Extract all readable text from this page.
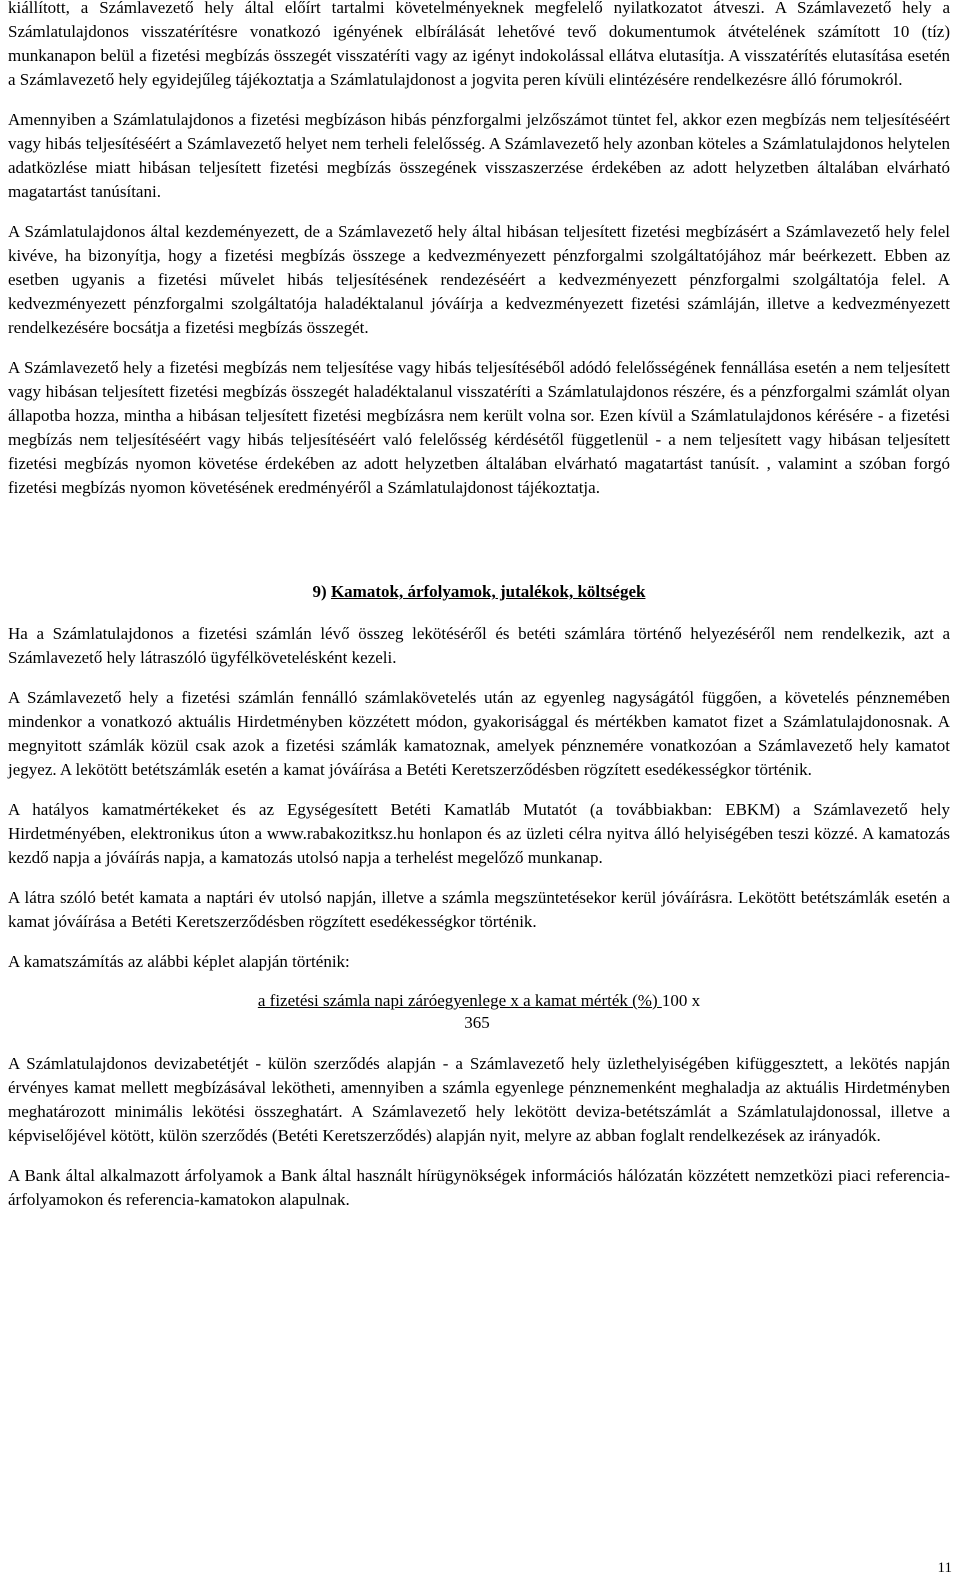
kiállított, a Számlavezető hely által előírt tartalmi követelményeknek megfelelő nyilatkozatot átveszi. A Számlavezető hely a Számlatulajdonos visszatérítésre vonatkozó igényének elbírálását lehetővé tevő dokumentumok átvételének számított 10 (tíz) munkanapon belül a fizetési megbízás összegét visszatéríti vagy az igényt indokolással ellátva elutasítja. A visszatérítés elutasítása esetén a Számlavezető hely egyidejűleg tájékoztatja a Számlatulajdonost a jogvita peren kívüli elintézésére rendelkezésre álló fórumokról.

Amennyiben a Számlatulajdonos a fizetési megbízáson hibás pénzforgalmi jelzőszámot tüntet fel, akkor ezen megbízás nem teljesítéséért vagy hibás teljesítéséért a Számlavezető helyet nem terheli felelősség. A Számlavezető hely azonban köteles a Számlatulajdonos helytelen adatközlése miatt hibásan teljesített fizetési megbízás összegének visszaszerzése érdekében az adott helyzetben általában elvárható magatartást tanúsítani.

A Számlatulajdonos által kezdeményezett, de a Számlavezető hely által hibásan teljesített fizetési megbízásért a Számlavezető hely felel kivéve, ha bizonyítja, hogy a fizetési megbízás összege a kedvezményezett pénzforgalmi szolgáltatójához már beérkezett. Ebben az esetben ugyanis a fizetési művelet hibás teljesítésének rendezéséért a kedvezményezett pénzforgalmi szolgáltatója felel. A kedvezményezett pénzforgalmi szolgáltatója haladéktalanul jóváírja a kedvezményezett fizetési számláján, illetve a kedvezményezett rendelkezésére bocsátja a fizetési megbízás összegét.

A Számlavezető hely a fizetési megbízás nem teljesítése vagy hibás teljesítéséből adódó felelősségének fennállása esetén a nem teljesített vagy hibásan teljesített fizetési megbízás összegét haladéktalanul visszatéríti a Számlatulajdonos részére, és a pénzforgalmi számlát olyan állapotba hozza, mintha a hibásan teljesített fizetési megbízásra nem került volna sor. Ezen kívül a Számlatulajdonos kérésére - a fizetési megbízás nem teljesítéséért vagy hibás teljesítéséért való felelősség kérdésétől függetlenül - a nem teljesített vagy hibásan teljesített fizetési megbízás nyomon követése érdekében az adott helyzetben általában elvárható magatartást tanúsít. , valamint a szóban forgó fizetési megbízás nyomon követésének eredményéről a Számlatulajdonost tájékoztatja.

9) Kamatok, árfolyamok, jutalékok, költségek

Ha a Számlatulajdonos a fizetési számlán lévő összeg lekötéséről és betéti számlára történő helyezéséről nem rendelkezik, azt a Számlavezető hely látraszóló ügyfélkövetelésként kezeli.

A Számlavezető hely a fizetési számlán fennálló számlakövetelés után az egyenleg nagyságától függően, a követelés pénznemében mindenkor a vonatkozó aktuális Hirdetményben közzétett módon, gyakorisággal és mértékben kamatot fizet a Számlatulajdonosnak. A megnyitott számlák közül csak azok a fizetési számlák kamatoznak, amelyek pénznemére vonatkozóan a Számlavezető hely kamatot jegyez. A lekötött betétszámlák esetén a kamat jóváírása a Betéti Keretszerződésben rögzített esedékességkor történik.

A hatályos kamatmértékeket és az Egységesített Betéti Kamatláb Mutatót (a továbbiakban: EBKM) a Számlavezető hely Hirdetményében, elektronikus úton a www.rabakozitksz.hu honlapon és az üzleti célra nyitva álló helyiségében teszi közzé. A kamatozás kezdő napja a jóváírás napja, a kamatozás utolsó napja a terhelést megelőző munkanap.

A látra szóló betét kamata a naptári év utolsó napján, illetve a számla megszüntetésekor kerül jóváírásra. Lekötött betétszámlák esetén a kamat jóváírása a Betéti Keretszerződésben rögzített esedékességkor történik.

A kamatszámítás az alábbi képlet alapján történik:

a fizetési számla napi záróegyenlege x a kamat mérték (%) 100 x
365

A Számlatulajdonos devizabetétjét - külön szerződés alapján - a Számlavezető hely üzlethelyiségében kifüggesztett, a lekötés napján érvényes kamat mellett megbízásával lekötheti, amennyiben a számla egyenlege pénznemenként meghaladja az aktuális Hirdetményben meghatározott minimális lekötési összeghatárt. A Számlavezető hely lekötött deviza-betétszámlát a Számlatulajdonossal, illetve a képviselőjével kötött, külön szerződés (Betéti Keretszerződés) alapján nyit, melyre az abban foglalt rendelkezések az irányadók.

A Bank által alkalmazott árfolyamok a Bank által használt hírügynökségek információs hálózatán közzétett nemzetközi piaci referencia-árfolyamokon és referencia-kamatokon alapulnak.

11
